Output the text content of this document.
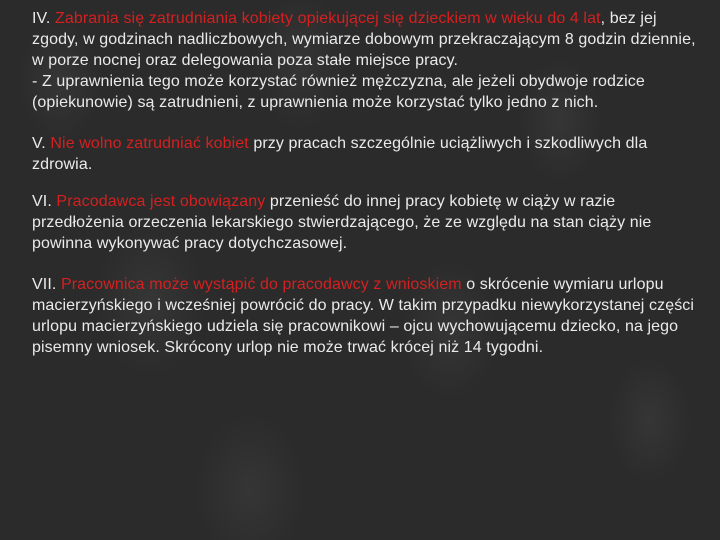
IV. Zabrania się zatrudniania kobiety opiekującej się dzieckiem w wieku do 4 lat, bez jej zgody, w godzinach nadliczbowych, wymiarze dobowym przekraczającym 8 godzin dziennie, w porze nocnej oraz delegowania poza stałe miejsce pracy.
- Z uprawnienia tego może korzystać również mężczyzna, ale jeżeli obydwoje rodzice (opiekunowie) są zatrudnieni, z uprawnienia może korzystać tylko jedno z nich.

V. Nie wolno zatrudniać kobiet przy pracach szczególnie uciążliwych i szkodliwych dla zdrowia.

VI. Pracodawca jest obowiązany przenieść do innej pracy kobietę w ciąży w razie przedłożenia orzeczenia lekarskiego stwierdzającego, że ze względu na stan ciąży nie powinna wykonywać pracy dotychczasowej.

VII. Pracownica może wystąpić do pracodawcy z wnioskiem o skrócenie wymiaru urlopu macierzyńskiego i wcześniej powrócić do pracy. W takim przypadku niewykorzystanej części urlopu macierzyńskiego udziela się pracownikowi – ojcu wychowującemu dziecko, na jego pisemny wniosek. Skrócony urlop nie może trwać krócej niż 14 tygodni.
